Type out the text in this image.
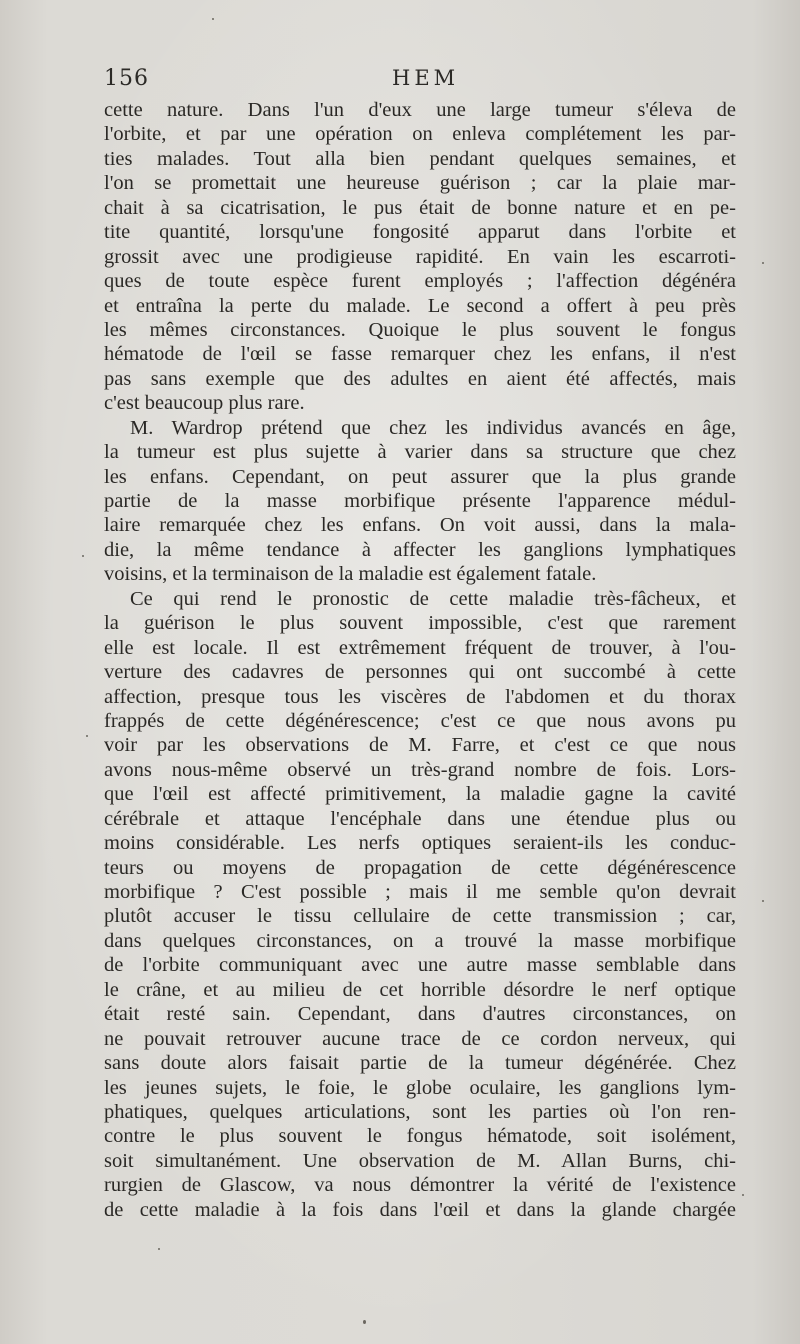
156	HEM
cette nature. Dans l'un d'eux une large tumeur s'éleva de
l'orbite, et par une opération on enleva complétement les par-
ties malades. Tout alla bien pendant quelques semaines, et
l'on se promettait une heureuse guérison ; car la plaie mar-
chait à sa cicatrisation, le pus était de bonne nature et en pe-
tite quantité, lorsqu'une fongosité apparut dans l'orbite et
grossit avec une prodigieuse rapidité. En vain les escarroti-
ques de toute espèce furent employés ; l'affection dégénéra
et entraîna la perte du malade. Le second a offert à peu près
les mêmes circonstances. Quoique le plus souvent le fongus
hématode de l'œil se fasse remarquer chez les enfans, il n'est
pas sans exemple que des adultes en aient été affectés, mais
c'est beaucoup plus rare.
M. Wardrop prétend que chez les individus avancés en âge,
la tumeur est plus sujette à varier dans sa structure que chez
les enfans. Cependant, on peut assurer que la plus grande
partie de la masse morbifique présente l'apparence médul-
laire remarquée chez les enfans. On voit aussi, dans la mala-
die, la même tendance à affecter les ganglions lymphatiques
voisins, et la terminaison de la maladie est également fatale.
Ce qui rend le pronostic de cette maladie très-fâcheux, et
la guérison le plus souvent impossible, c'est que rarement
elle est locale. Il est extrêmement fréquent de trouver, à l'ou-
verture des cadavres de personnes qui ont succombé à cette
affection, presque tous les viscères de l'abdomen et du thorax
frappés de cette dégénérescence; c'est ce que nous avons pu
voir par les observations de M. Farre, et c'est ce que nous
avons nous-même observé un très-grand nombre de fois. Lors-
que l'œil est affecté primitivement, la maladie gagne la cavité
cérébrale et attaque l'encéphale dans une étendue plus ou
moins considérable. Les nerfs optiques seraient-ils les conduc-
teurs ou moyens de propagation de cette dégénérescence
morbifique ? C'est possible ; mais il me semble qu'on devrait
plutôt accuser le tissu cellulaire de cette transmission ; car,
dans quelques circonstances, on a trouvé la masse morbifique
de l'orbite communiquant avec une autre masse semblable dans
le crâne, et au milieu de cet horrible désordre le nerf optique
était resté sain. Cependant, dans d'autres circonstances, on
ne pouvait retrouver aucune trace de ce cordon nerveux, qui
sans doute alors faisait partie de la tumeur dégénérée. Chez
les jeunes sujets, le foie, le globe oculaire, les ganglions lym-
phatiques, quelques articulations, sont les parties où l'on ren-
contre le plus souvent le fongus hématode, soit isolément,
soit simultanément. Une observation de M. Allan Burns, chi-
rurgien de Glascow, va nous démontrer la vérité de l'existence
de cette maladie à la fois dans l'œil et dans la glande chargée
